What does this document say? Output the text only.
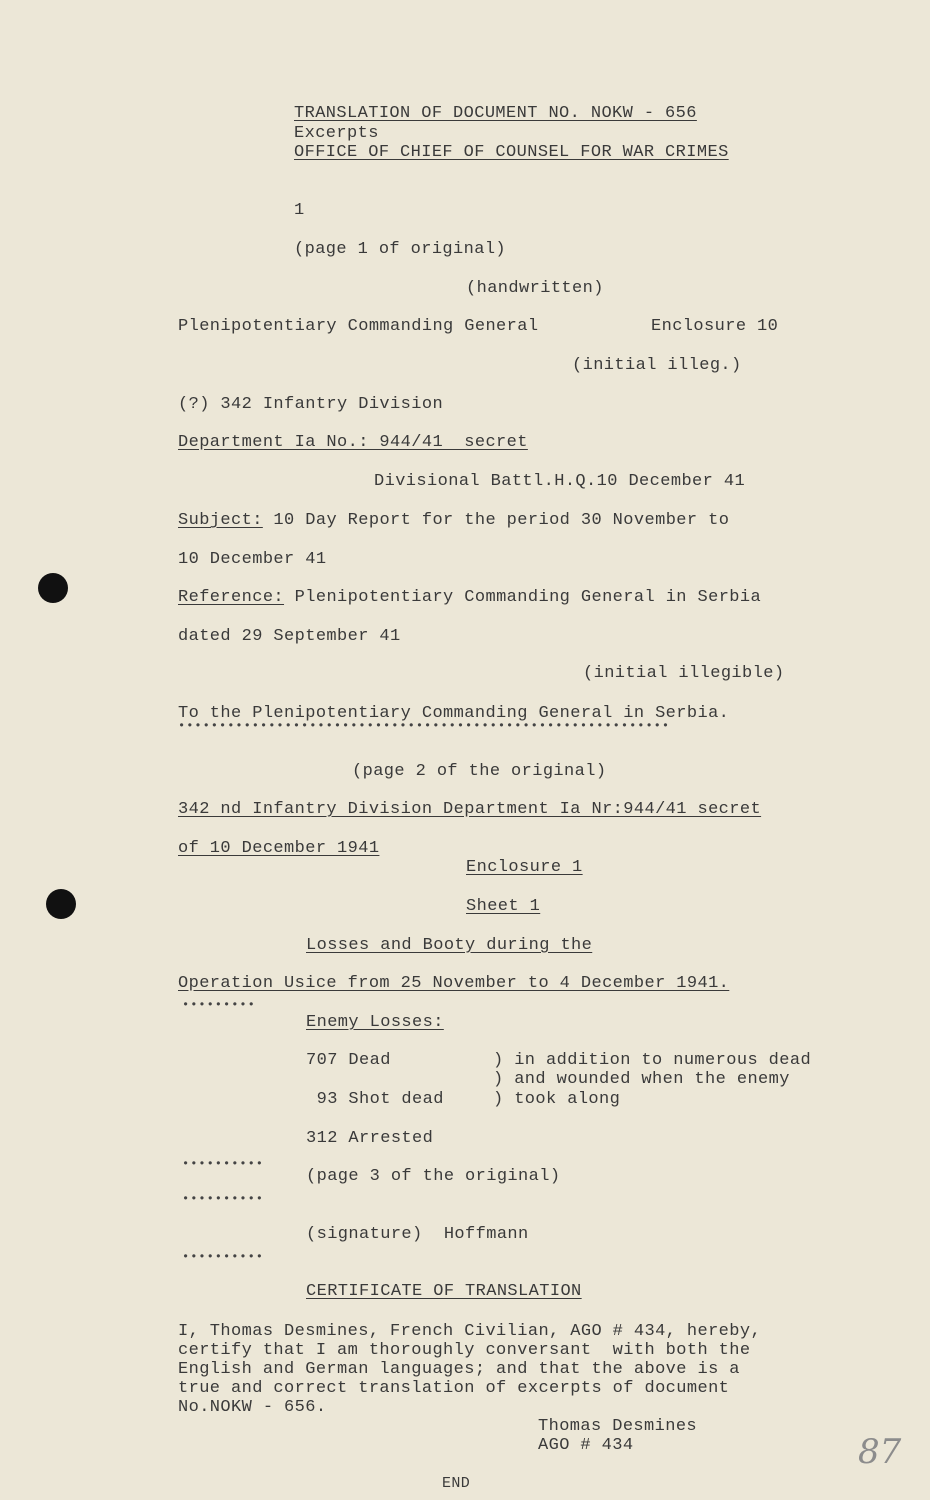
TRANSLATION OF DOCUMENT NO. NOKW - 656
Excerpts
OFFICE OF CHIEF OF COUNSEL FOR WAR CRIMES
1
(page 1 of original)
(handwritten)
Plenipotentiary Commanding General	Enclosure 10
(initial illeg.)
(?) 342 Infantry Division
Department Ia No.: 944/41  secret
Divisional Battl.H.Q.10 December 41
Subject: 10 Day Report for the period 30 November to
10 December 41
Reference: Plenipotentiary Commanding General in Serbia
dated 29 September 41
(initial illegible)
To the Plenipotentiary Commanding General in Serbia.
••••••••••••••••••••••••••••••••••••••••••••••••••••••••••••
(page 2 of the original)
342 nd Infantry Division Department Ia Nr:944/41 secret
of 10 December 1941
Enclosure 1
Sheet 1
Losses and Booty during the
Operation Usice from 25 November to 4 December 1941.
•••••••••
Enemy Losses:
707 Dead
93 Shot dead
) in addition to numerous dead
) and wounded when the enemy
) took along
312 Arrested
••••••••••
(page 3 of the original)
••••••••••
(signature)  Hoffmann
••••••••••
CERTIFICATE OF TRANSLATION
I, Thomas Desmines, French Civilian, AGO # 434, hereby,
certify that I am thoroughly conversant  with both the
English and German languages; and that the above is a
true and correct translation of excerpts of document
No.NOKW - 656.
Thomas Desmines
AGO # 434
END
87
